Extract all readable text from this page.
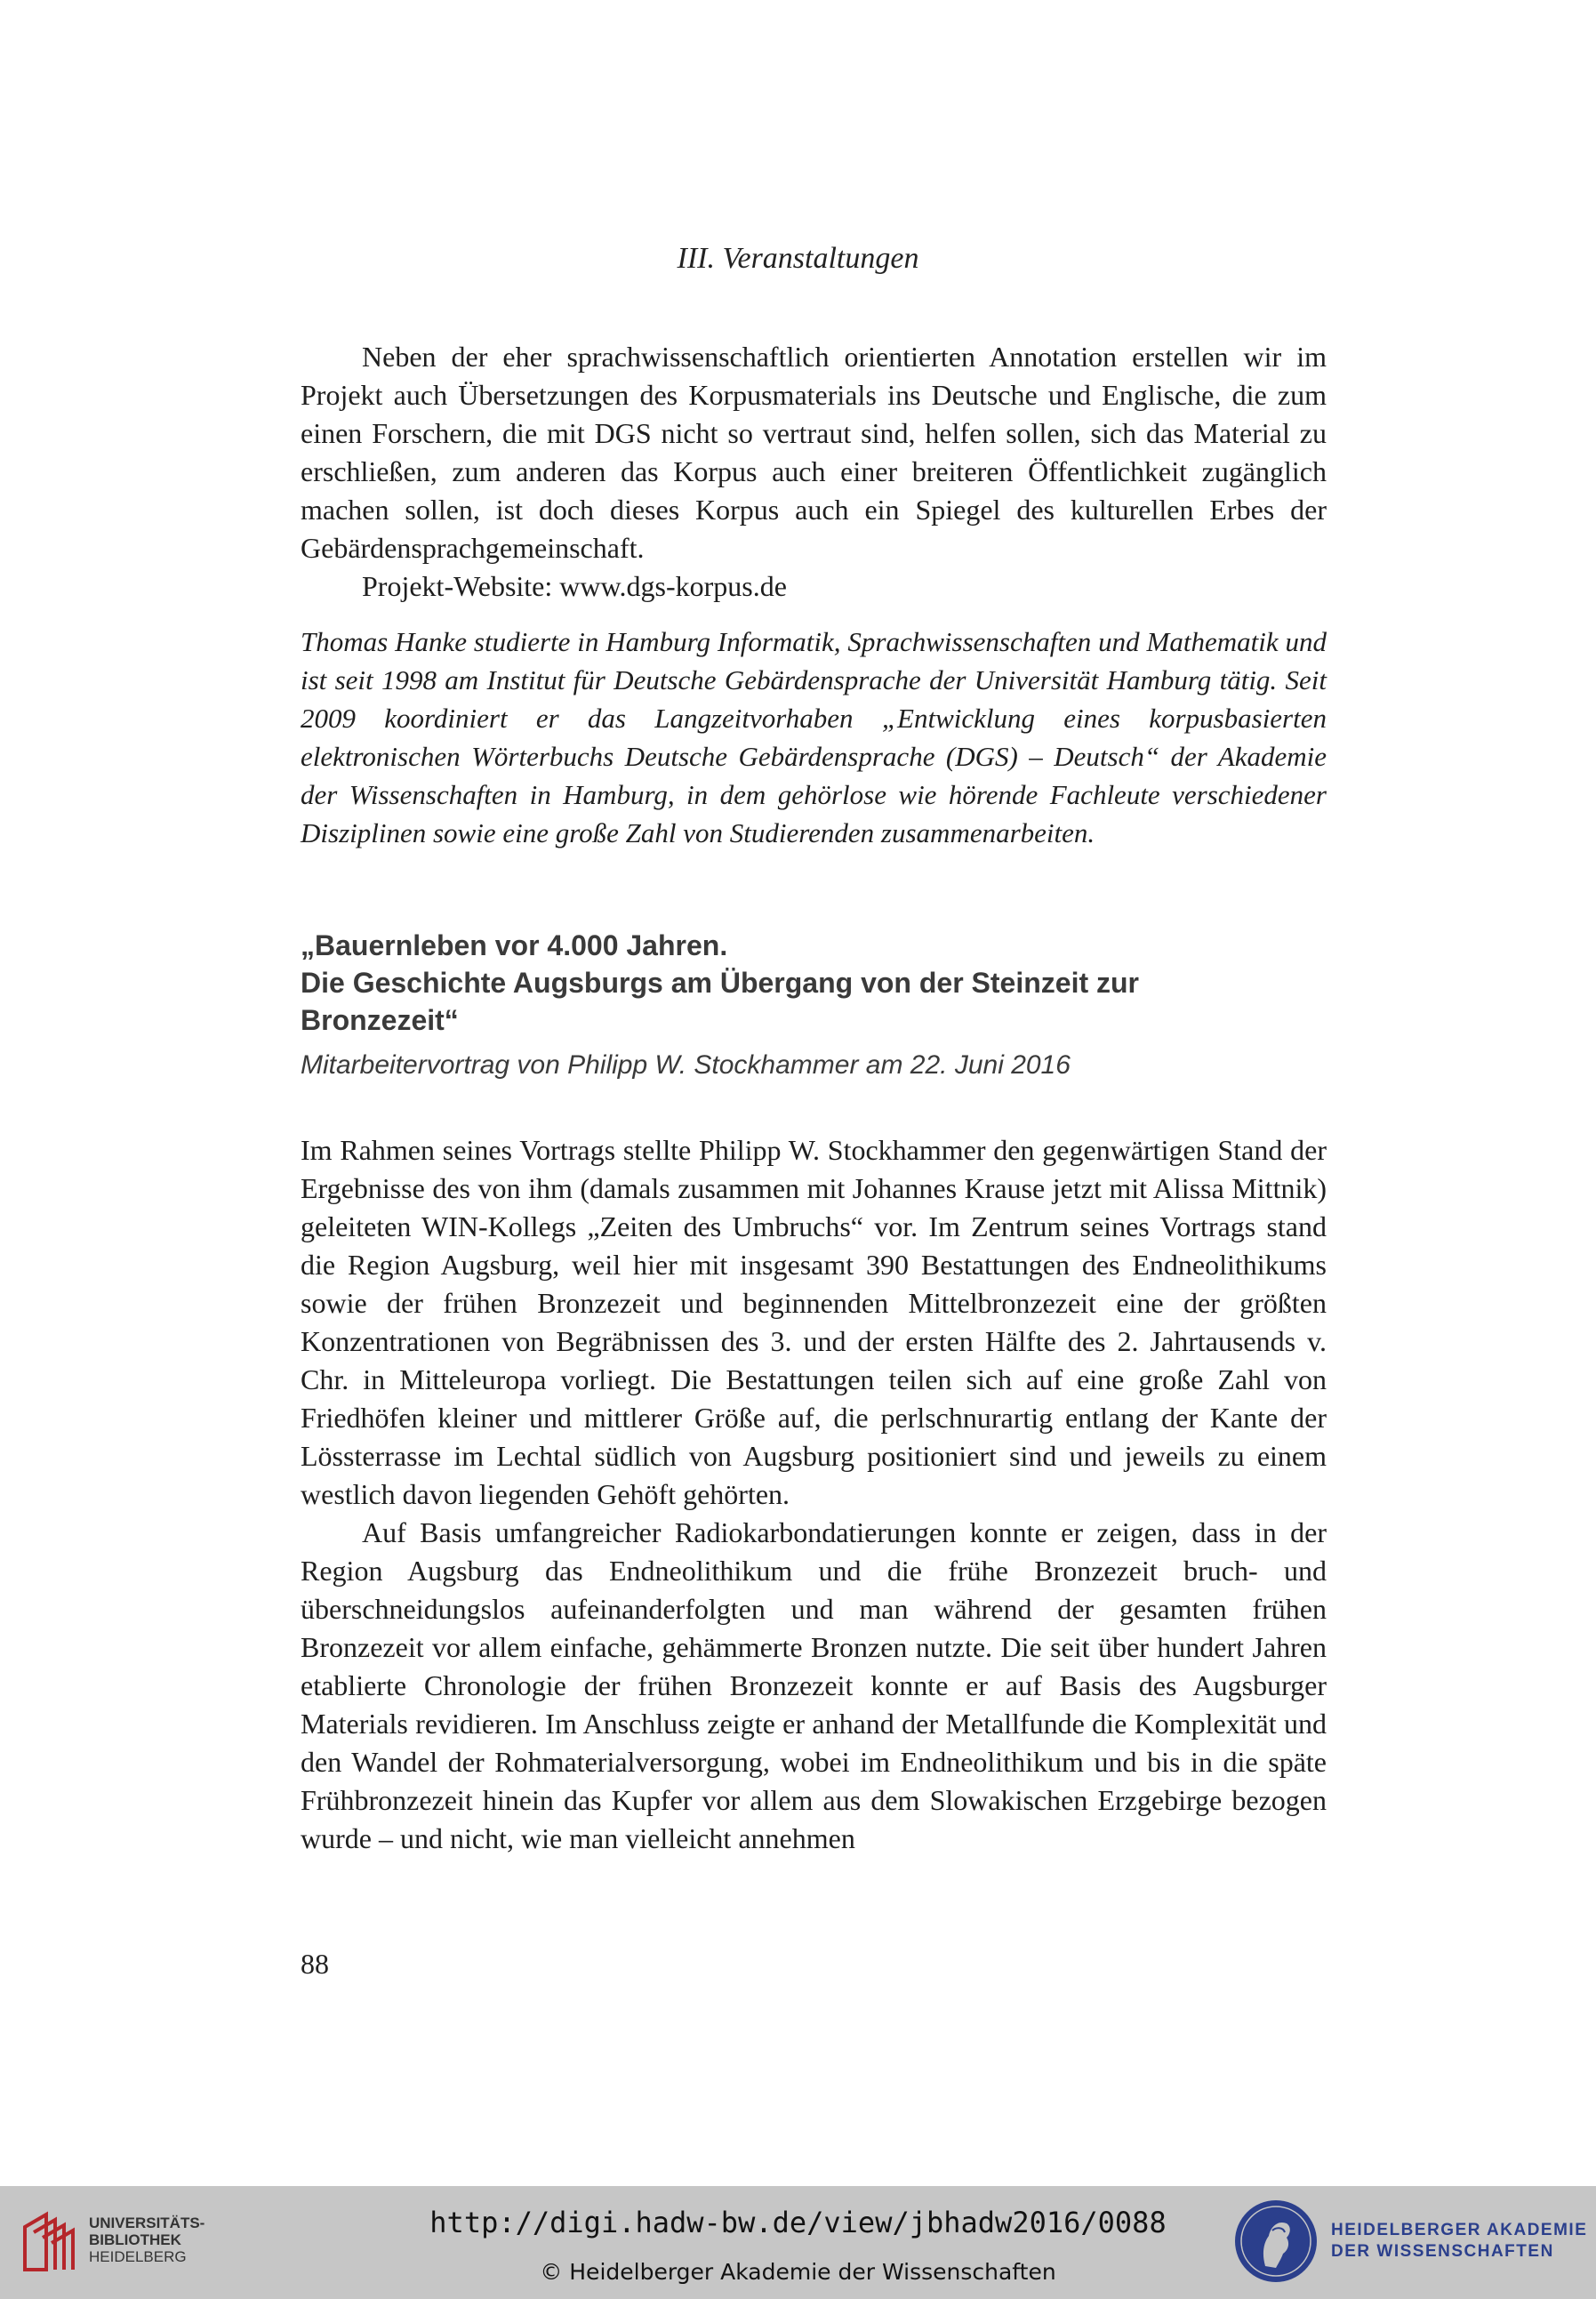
III. Veranstaltungen

Neben der eher sprachwissenschaftlich orientierten Annotation erstellen wir im Projekt auch Übersetzungen des Korpusmaterials ins Deutsche und Englische, die zum einen Forschern, die mit DGS nicht so vertraut sind, helfen sollen, sich das Material zu erschließen, zum anderen das Korpus auch einer breiteren Öffentlichkeit zugänglich machen sollen, ist doch dieses Korpus auch ein Spiegel des kulturellen Erbes der Gebärdensprachgemeinschaft.

Projekt-Website: www.dgs-korpus.de

Thomas Hanke studierte in Hamburg Informatik, Sprachwissenschaften und Mathematik und ist seit 1998 am Institut für Deutsche Gebärdensprache der Universität Hamburg tätig. Seit 2009 koordiniert er das Langzeitvorhaben „Entwicklung eines korpusbasierten elektronischen Wörterbuchs Deutsche Gebärdensprache (DGS) – Deutsch“ der Akademie der Wissenschaften in Hamburg, in dem gehörlose wie hörende Fachleute verschiedener Disziplinen sowie eine große Zahl von Studierenden zusammenarbeiten.

„Bauernleben vor 4.000 Jahren.

Die Geschichte Augsburgs am Übergang von der Steinzeit zur Bronzezeit“

Mitarbeitervortrag von Philipp W. Stockhammer am 22. Juni 2016

Im Rahmen seines Vortrags stellte Philipp W. Stockhammer den gegenwärtigen Stand der Ergebnisse des von ihm (damals zusammen mit Johannes Krause jetzt mit Alissa Mittnik) geleiteten WIN-Kollegs „Zeiten des Umbruchs“ vor. Im Zentrum seines Vortrags stand die Region Augsburg, weil hier mit insgesamt 390 Bestattungen des Endneolithikums sowie der frühen Bronzezeit und beginnenden Mittelbronzezeit eine der größten Konzentrationen von Begräbnissen des 3. und der ersten Hälfte des 2. Jahrtausends v. Chr. in Mitteleuropa vorliegt. Die Bestattungen teilen sich auf eine große Zahl von Friedhöfen kleiner und mittlerer Größe auf, die perlschnurartig entlang der Kante der Lössterrasse im Lechtal südlich von Augsburg positioniert sind und jeweils zu einem westlich davon liegenden Gehöft gehörten.

Auf Basis umfangreicher Radiokarbondatierungen konnte er zeigen, dass in der Region Augsburg das Endneolithikum und die frühe Bronzezeit bruch- und überschneidungslos aufeinanderfolgten und man während der gesamten frühen Bronzezeit vor allem einfache, gehämmerte Bronzen nutzte. Die seit über hundert Jahren etablierte Chronologie der frühen Bronzezeit konnte er auf Basis des Augsburger Materials revidieren. Im Anschluss zeigte er anhand der Metallfunde die Komplexität und den Wandel der Rohmaterialversorgung, wobei im Endneolithikum und bis in die späte Frühbronzezeit hinein das Kupfer vor allem aus dem Slowakischen Erzgebirge bezogen wurde – und nicht, wie man vielleicht annehmen

88
UNIVERSITÄTS-
BIBLIOTHEK
HEIDELBERG
http://digi.hadw-bw.de/view/jbhadw2016/0088
© Heidelberger Akademie der Wissenschaften
HEIDELBERGER AKADEMIE
DER WISSENSCHAFTEN
